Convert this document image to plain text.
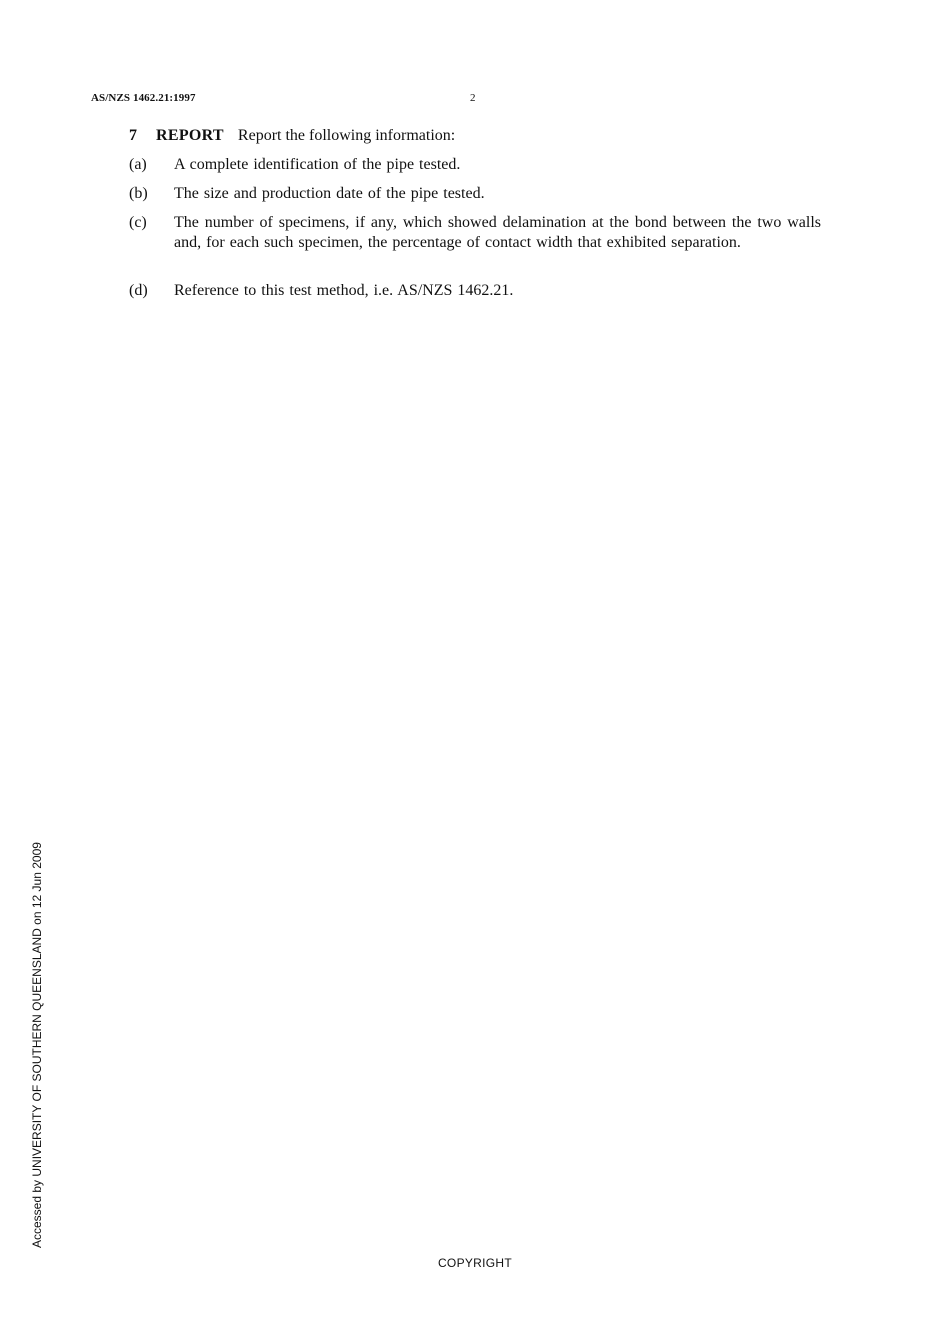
AS/NZS 1462.21:1997	2
7 REPORT Report the following information:
(a) A complete identification of the pipe tested.
(b) The size and production date of the pipe tested.
(c) The number of specimens, if any, which showed delamination at the bond between the two walls and, for each such specimen, the percentage of contact width that exhibited separation.
(d) Reference to this test method, i.e. AS/NZS 1462.21.
Accessed by UNIVERSITY OF SOUTHERN QUEENSLAND on 12 Jun 2009
COPYRIGHT
